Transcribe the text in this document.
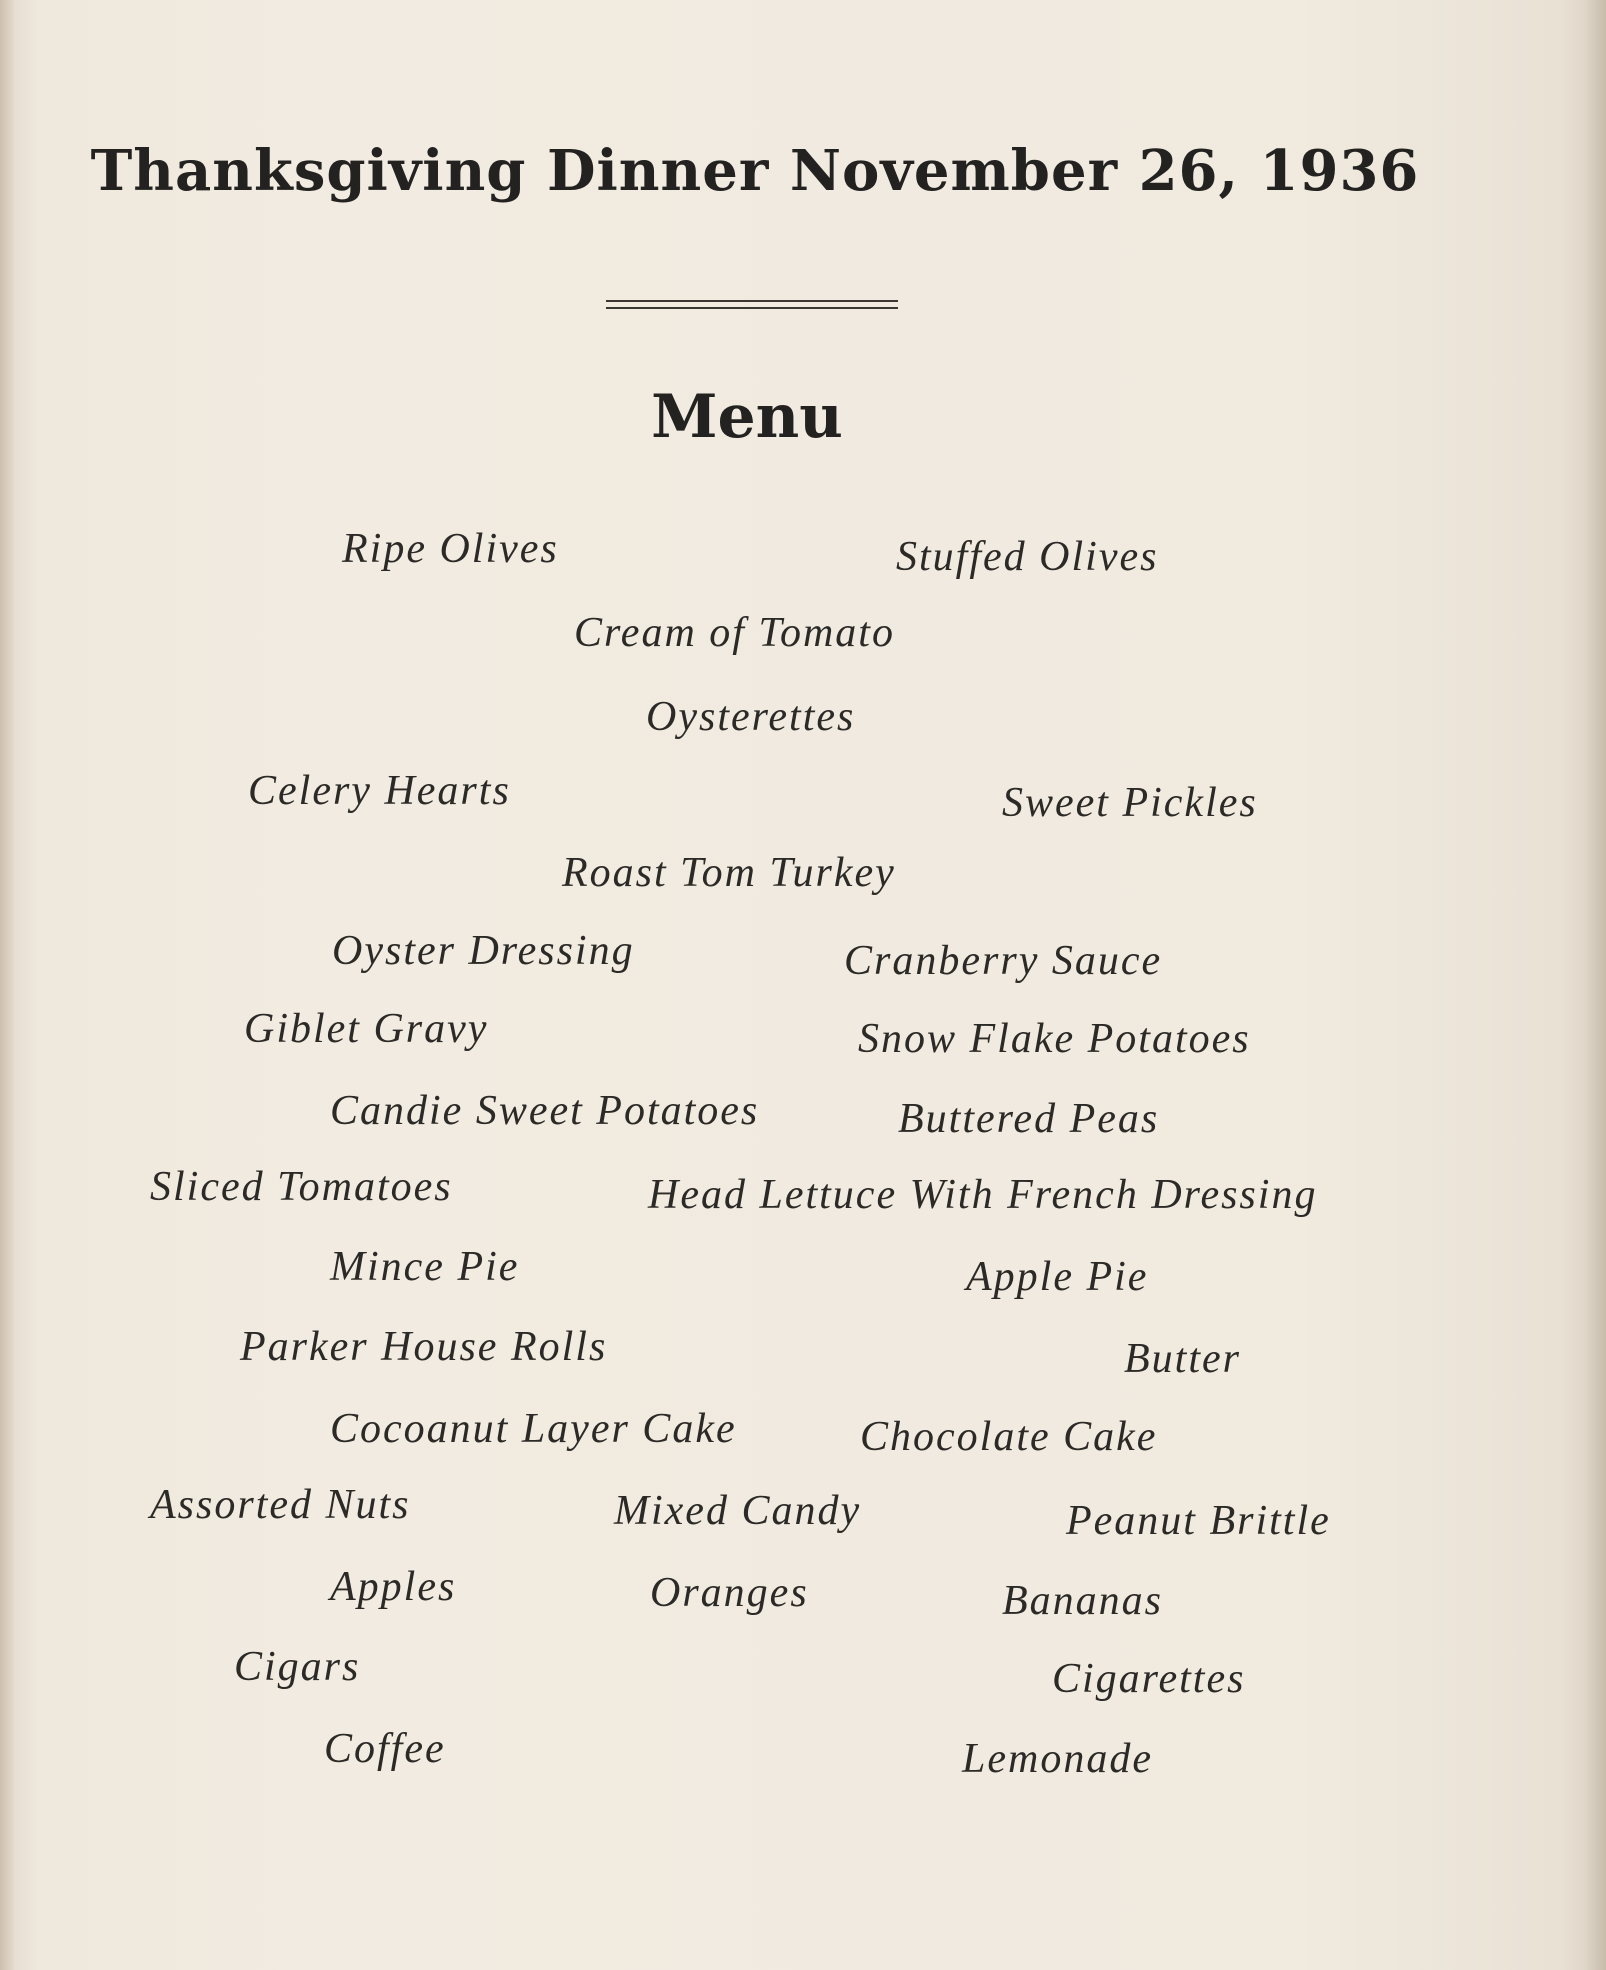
Thanksgiving Dinner November 26, 1936
Menu
Ripe Olives	Stuffed Olives
Cream of Tomato
Oysterettes
Celery Hearts	Sweet Pickles
Roast Tom Turkey
Oyster Dressing	Cranberry Sauce
Giblet Gravy	Snow Flake Potatoes
Candie Sweet Potatoes	Buttered Peas
Sliced Tomatoes	Head Lettuce With French Dressing
Mince Pie	Apple Pie
Parker House Rolls	Butter
Cocoanut Layer Cake	Chocolate Cake
Assorted Nuts	Mixed Candy	Peanut Brittle
Apples	Oranges	Bananas
Cigars	Cigarettes
Coffee	Lemonade
